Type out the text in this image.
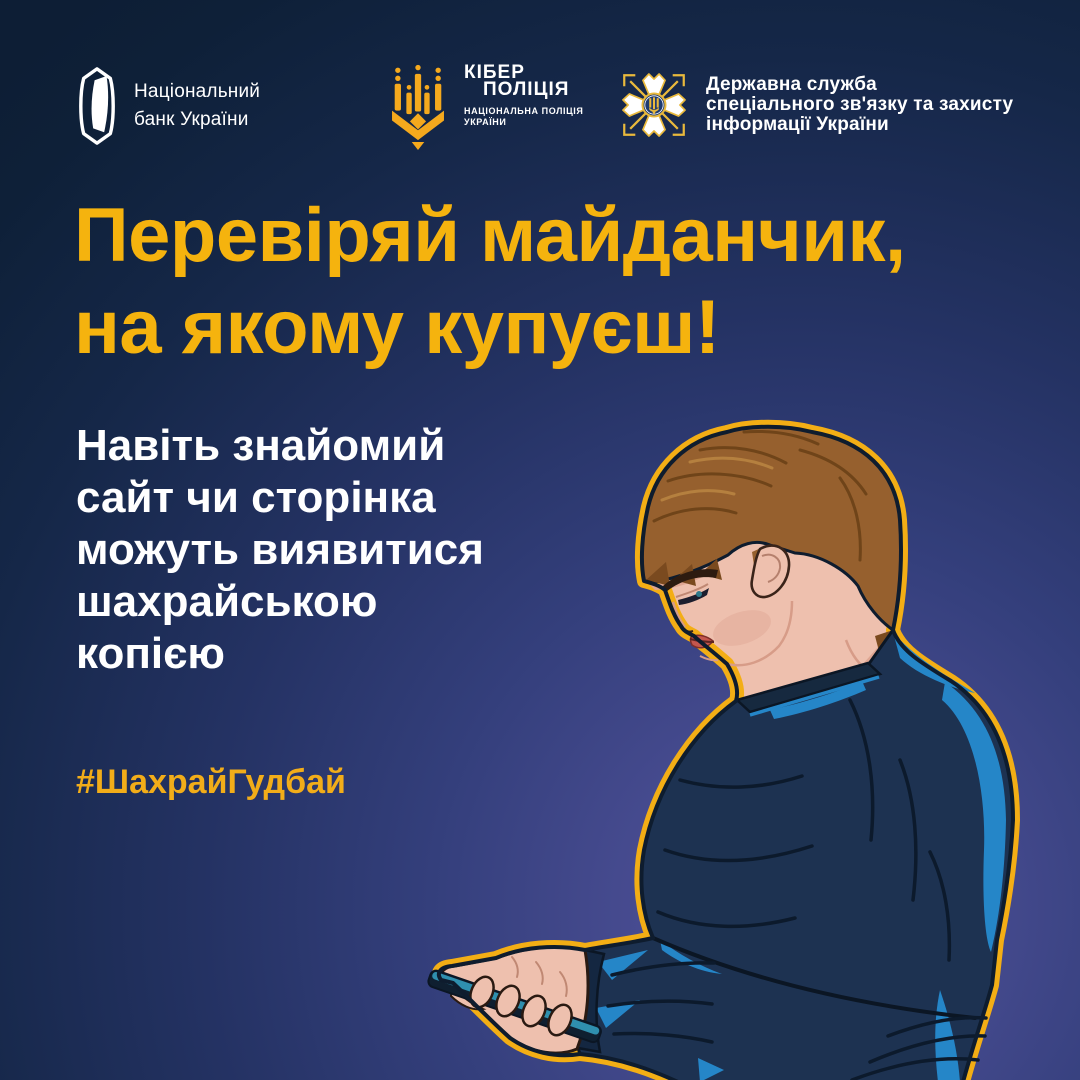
Національний
банк України
КІБЕР
ПОЛІЦІЯ
НАЦІОНАЛЬНА ПОЛІЦІЯ
УКРАЇНИ
Державна служба
спеціального зв'язку та захисту
інформації України
Перевіряй майданчик,
на якому купуєш!
Навіть знайомий
сайт чи сторінка
можуть виявитися
шахрайською
копією
#ШахрайГудбай
